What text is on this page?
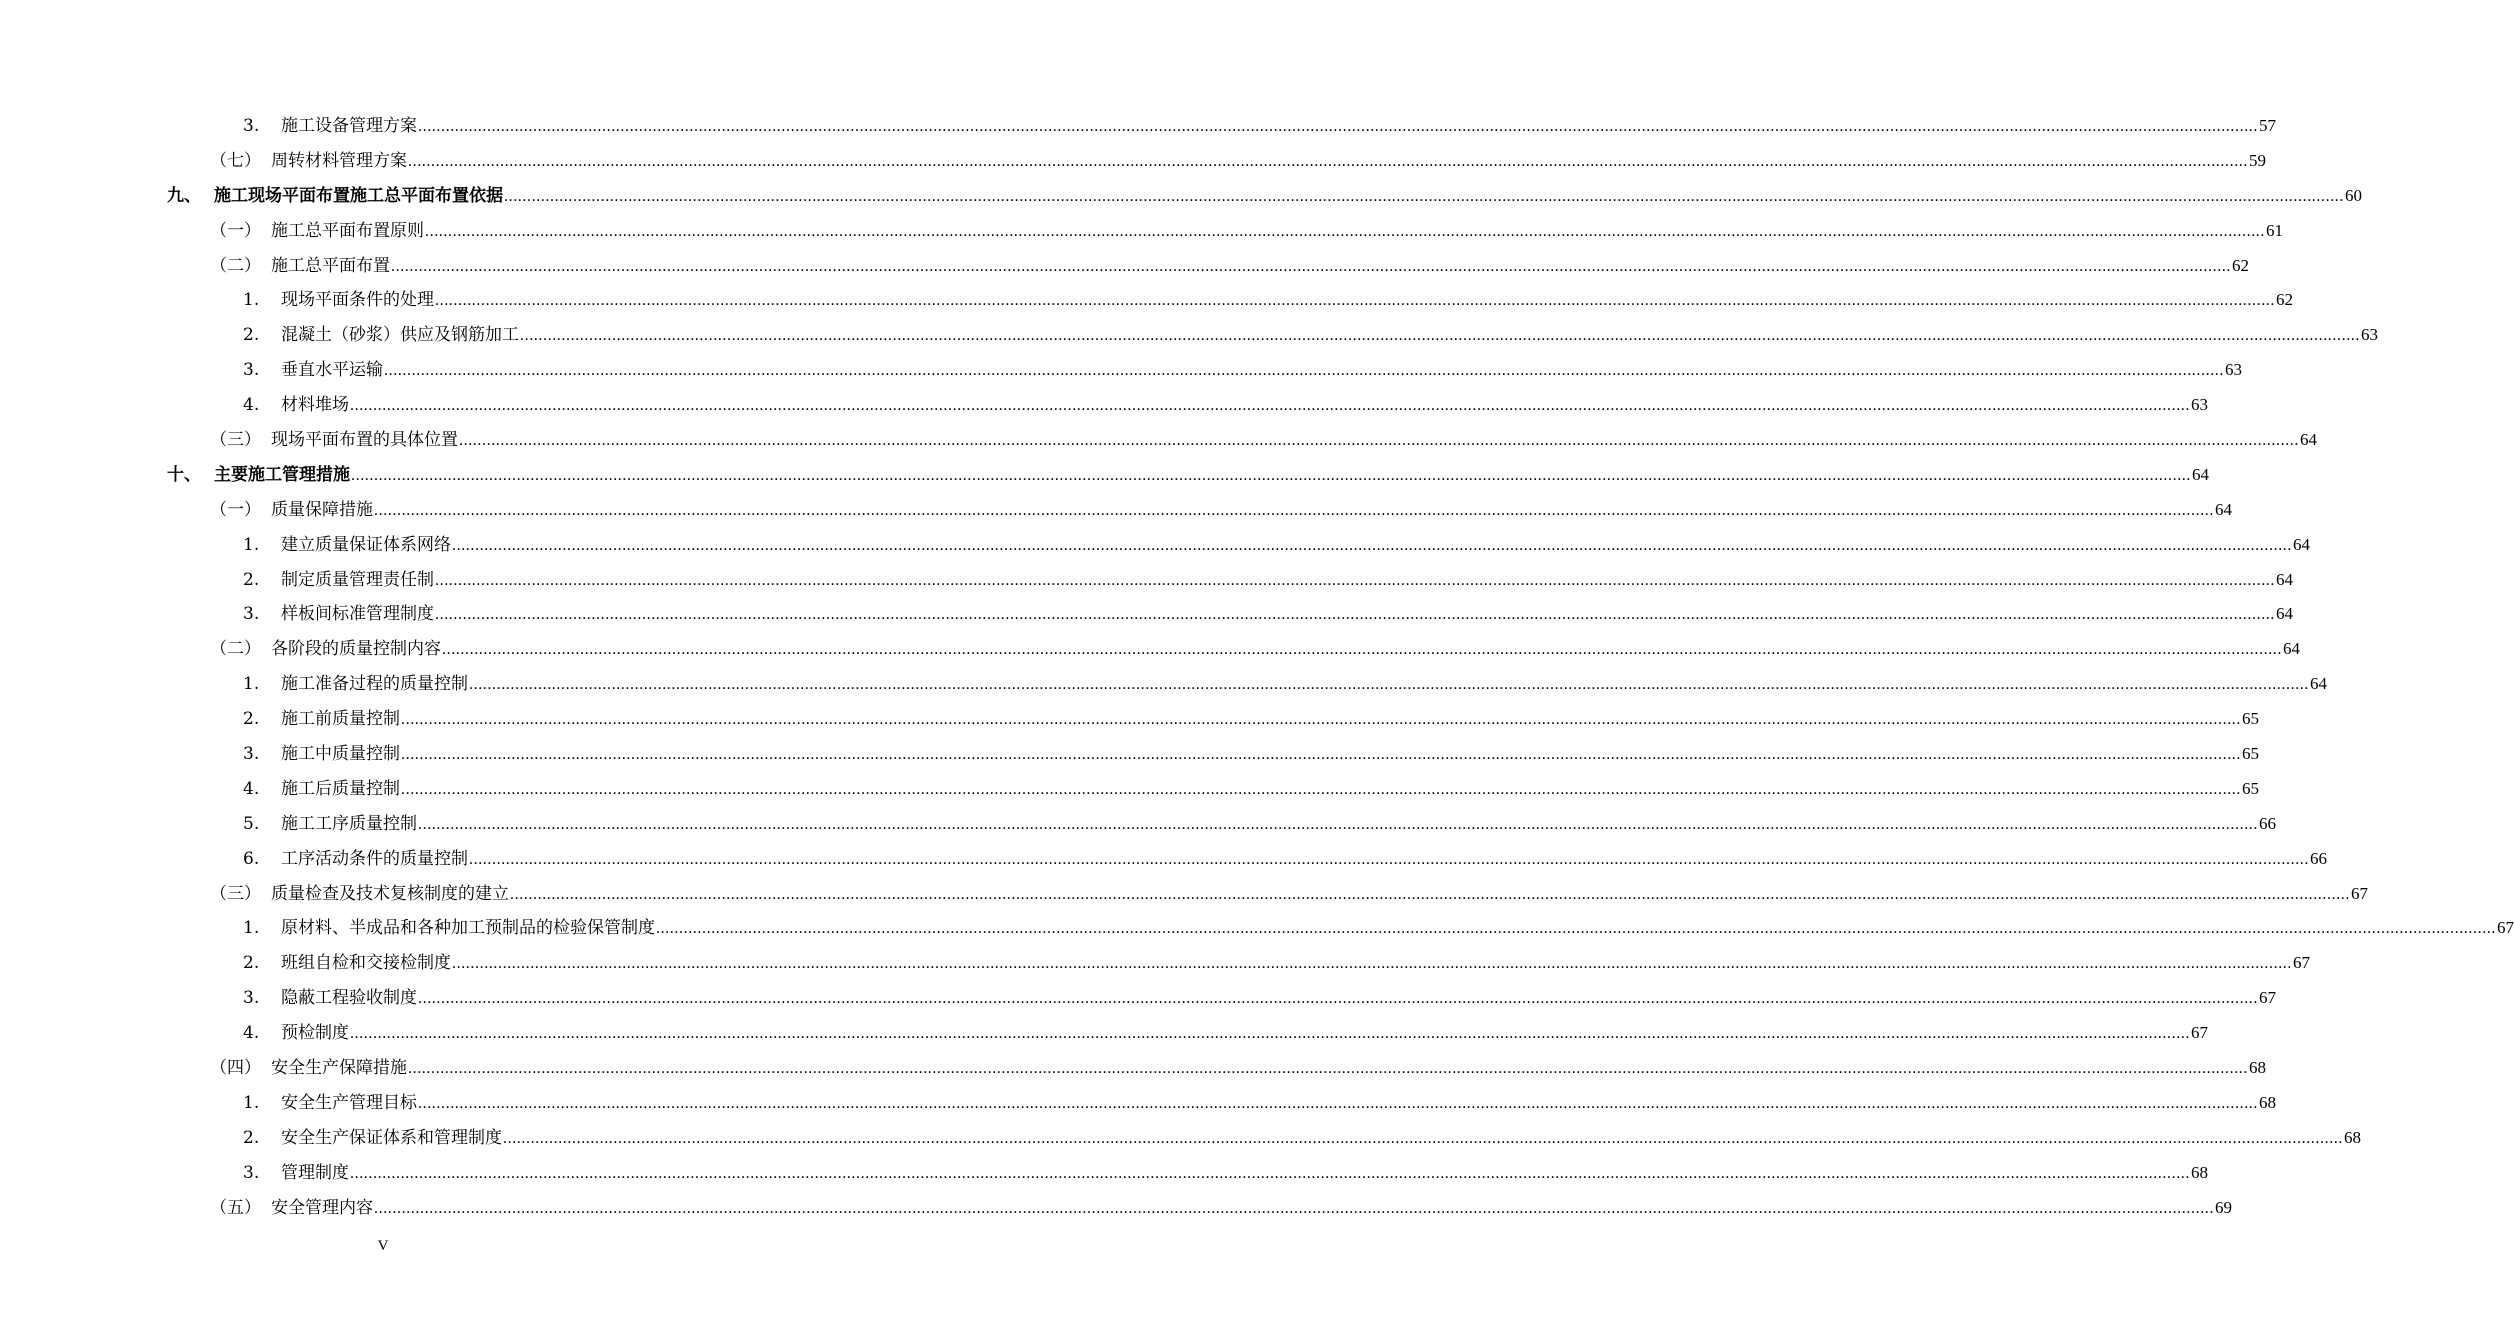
3. 施工设备管理方案 ................................................................................................................................................................................................................................................................................................................................................................................................................ 57
（七） 周转材料管理方案 ................................................................................................................................................................................................................................................................................................................................................................................................................ 59
九、 施工现场平面布置施工总平面布置依据 ................................................................................................................................................................................................................................................................................................................................................................................................................ 60
（一） 施工总平面布置原则 ................................................................................................................................................................................................................................................................................................................................................................................................................ 61
（二） 施工总平面布置 ................................................................................................................................................................................................................................................................................................................................................................................................................ 62
1. 现场平面条件的处理 ................................................................................................................................................................................................................................................................................................................................................................................................................ 62
2. 混凝土（砂浆）供应及钢筋加工 ................................................................................................................................................................................................................................................................................................................................................................................................................ 63
3. 垂直水平运输 ................................................................................................................................................................................................................................................................................................................................................................................................................ 63
4. 材料堆场 ................................................................................................................................................................................................................................................................................................................................................................................................................ 63
（三） 现场平面布置的具体位置 ................................................................................................................................................................................................................................................................................................................................................................................................................ 64
十、 主要施工管理措施 ................................................................................................................................................................................................................................................................................................................................................................................................................ 64
（一） 质量保障措施 ................................................................................................................................................................................................................................................................................................................................................................................................................ 64
1. 建立质量保证体系网络 ................................................................................................................................................................................................................................................................................................................................................................................................................ 64
2. 制定质量管理责任制 ................................................................................................................................................................................................................................................................................................................................................................................................................ 64
3. 样板间标准管理制度 ................................................................................................................................................................................................................................................................................................................................................................................................................ 64
（二） 各阶段的质量控制内容 ................................................................................................................................................................................................................................................................................................................................................................................................................ 64
1. 施工准备过程的质量控制 ................................................................................................................................................................................................................................................................................................................................................................................................................ 64
2. 施工前质量控制 ................................................................................................................................................................................................................................................................................................................................................................................................................ 65
3. 施工中质量控制 ................................................................................................................................................................................................................................................................................................................................................................................................................ 65
4. 施工后质量控制 ................................................................................................................................................................................................................................................................................................................................................................................................................ 65
5. 施工工序质量控制 ................................................................................................................................................................................................................................................................................................................................................................................................................ 66
6. 工序活动条件的质量控制 ................................................................................................................................................................................................................................................................................................................................................................................................................ 66
（三） 质量检查及技术复核制度的建立 ................................................................................................................................................................................................................................................................................................................................................................................................................ 67
1. 原材料、半成品和各种加工预制品的检验保管制度 ................................................................................................................................................................................................................................................................................................................................................................................................................ 67
2. 班组自检和交接检制度 ................................................................................................................................................................................................................................................................................................................................................................................................................ 67
3. 隐蔽工程验收制度 ................................................................................................................................................................................................................................................................................................................................................................................................................ 67
4. 预检制度 ................................................................................................................................................................................................................................................................................................................................................................................................................ 67
（四） 安全生产保障措施 ................................................................................................................................................................................................................................................................................................................................................................................................................ 68
1. 安全生产管理目标 ................................................................................................................................................................................................................................................................................................................................................................................................................ 68
2. 安全生产保证体系和管理制度 ................................................................................................................................................................................................................................................................................................................................................................................................................ 68
3. 管理制度 ................................................................................................................................................................................................................................................................................................................................................................................................................ 68
（五） 安全管理内容 ................................................................................................................................................................................................................................................................................................................................................................................................................ 69
V
